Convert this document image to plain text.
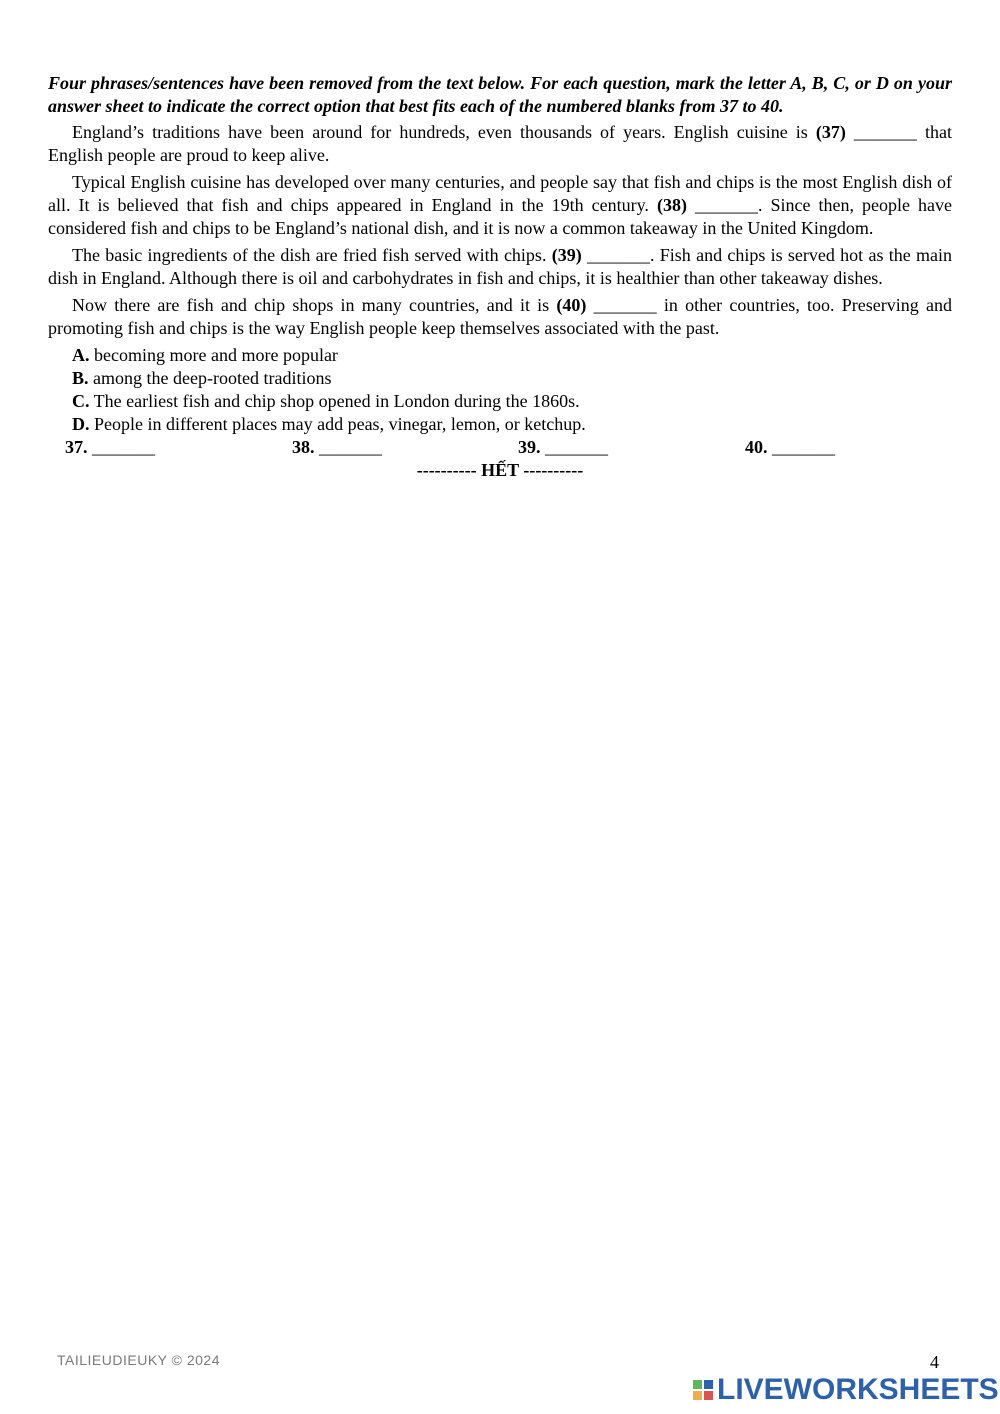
Four phrases/sentences have been removed from the text below. For each question, mark the letter A, B, C, or D on your answer sheet to indicate the correct option that best fits each of the numbered blanks from 37 to 40.

England’s traditions have been around for hundreds, even thousands of years. English cuisine is (37) _______ that English people are proud to keep alive.

Typical English cuisine has developed over many centuries, and people say that fish and chips is the most English dish of all. It is believed that fish and chips appeared in England in the 19th century. (38) _______. Since then, people have considered fish and chips to be England’s national dish, and it is now a common takeaway in the United Kingdom.

The basic ingredients of the dish are fried fish served with chips. (39) _______. Fish and chips is served hot as the main dish in England. Although there is oil and carbohydrates in fish and chips, it is healthier than other takeaway dishes.

Now there are fish and chip shops in many countries, and it is (40) _______ in other countries, too. Preserving and promoting fish and chips is the way English people keep themselves associated with the past.

A. becoming more and more popular

B. among the deep-rooted traditions

C. The earliest fish and chip shop opened in London during the 1860s.

D. People in different places may add peas, vinegar, lemon, or ketchup.

37. _______	38. _______	39. _______	40. _______
---------- HẾT ----------
TAILIEUDIEUKY © 2024	4
LIVEWORKSHEETS
